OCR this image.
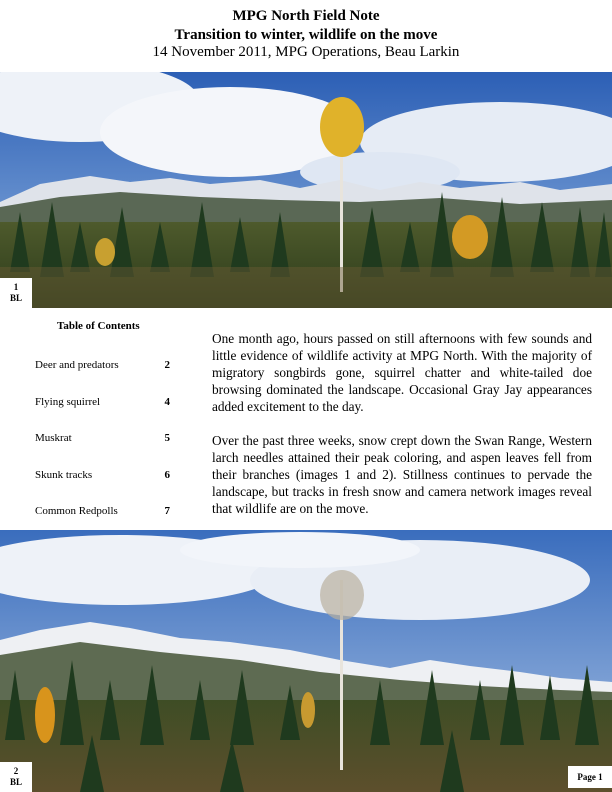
MPG North Field Note
Transition to winter, wildlife on the move
14 November 2011, MPG Operations, Beau Larkin
1
BL
Table of Contents
Deer and predators	2
Flying squirrel	4
Muskrat	5
Skunk tracks	6
Common Redpolls	7

One month ago, hours passed on still afternoons with few sounds and little evidence of wildlife activity at MPG North. With the majority of migratory songbirds gone, squirrel chatter and white-tailed doe browsing dominated the landscape. Occasional Gray Jay appearances added excitement to the day.

Over the past three weeks, snow crept down the Swan Range, Western larch needles attained their peak coloring, and aspen leaves fell from their branches (images 1 and 2). Stillness continues to pervade the landscape, but tracks in fresh snow and camera network images reveal that wildlife are on the move.

2
BL	Page 1
